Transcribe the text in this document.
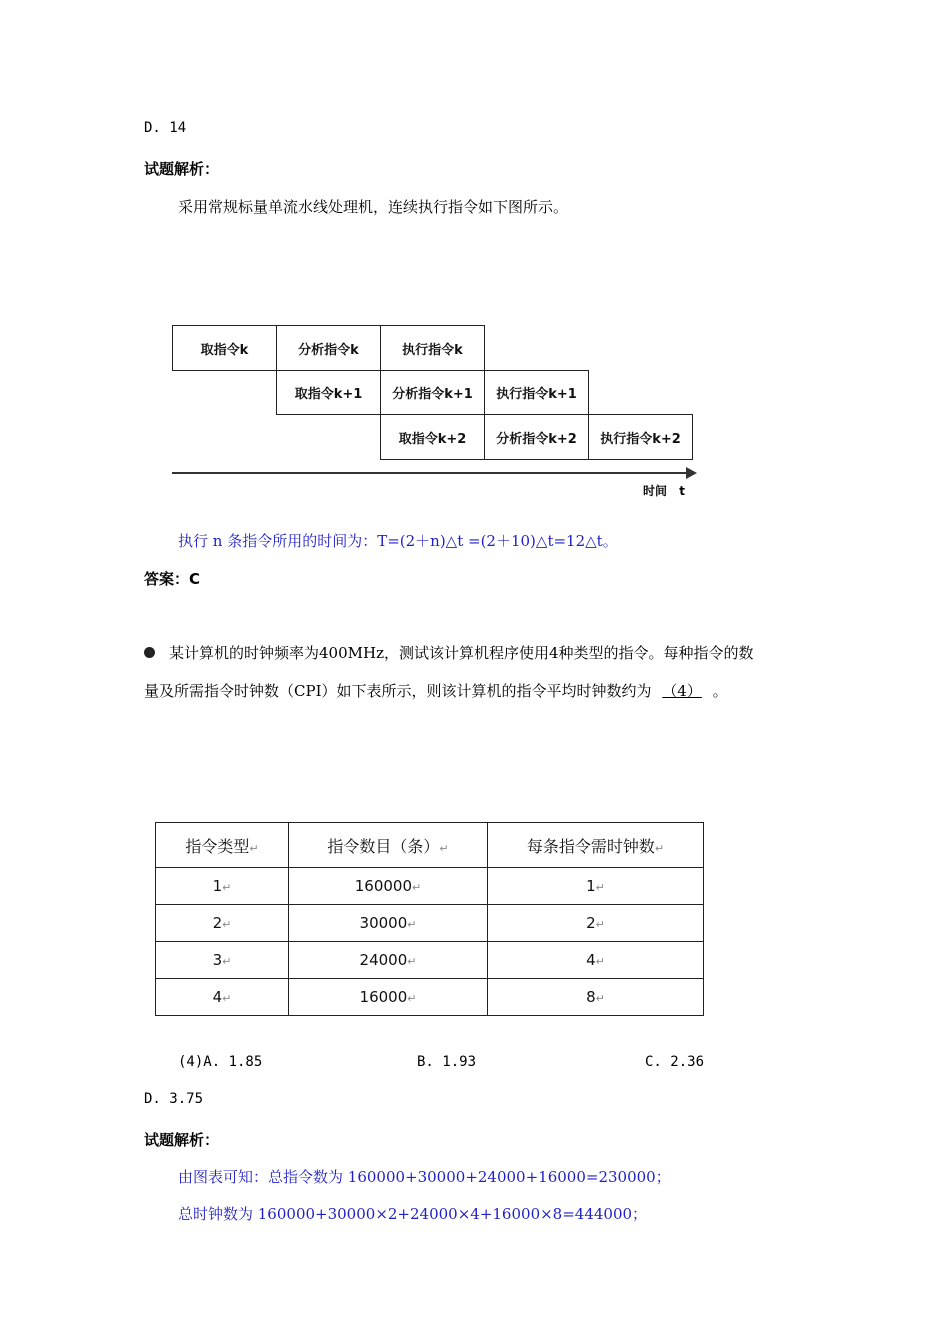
D. 14
试题解析：
采用常规标量单流水线处理机，连续执行指令如下图所示。
取指令k	分析指令k	执行指令k
取指令k+1	分析指令k+1	执行指令k+1
取指令k+2	分析指令k+2	执行指令k+2
时间 t
执行 n 条指令所用的时间为：T=(2＋n)△t =(2＋10)△t=12△t。
答案：C
某计算机的时钟频率为400MHz，测试该计算机程序使用4种类型的指令。每种指令的数
量及所需指令时钟数（CPI）如下表所示，则该计算机的指令平均时钟数约为 （4） 。
指令类型↵	指令数目（条）↵	每条指令需时钟数↵
1↵	160000↵	1↵
2↵	30000↵	2↵
3↵	24000↵	4↵
4↵	16000↵	8↵
(4)A. 1.85	B. 1.93	C. 2.36
D. 3.75
试题解析：
由图表可知：总指令数为 160000+30000+24000+16000=230000；
总时钟数为 160000+30000×2+24000×4+16000×8=444000；
